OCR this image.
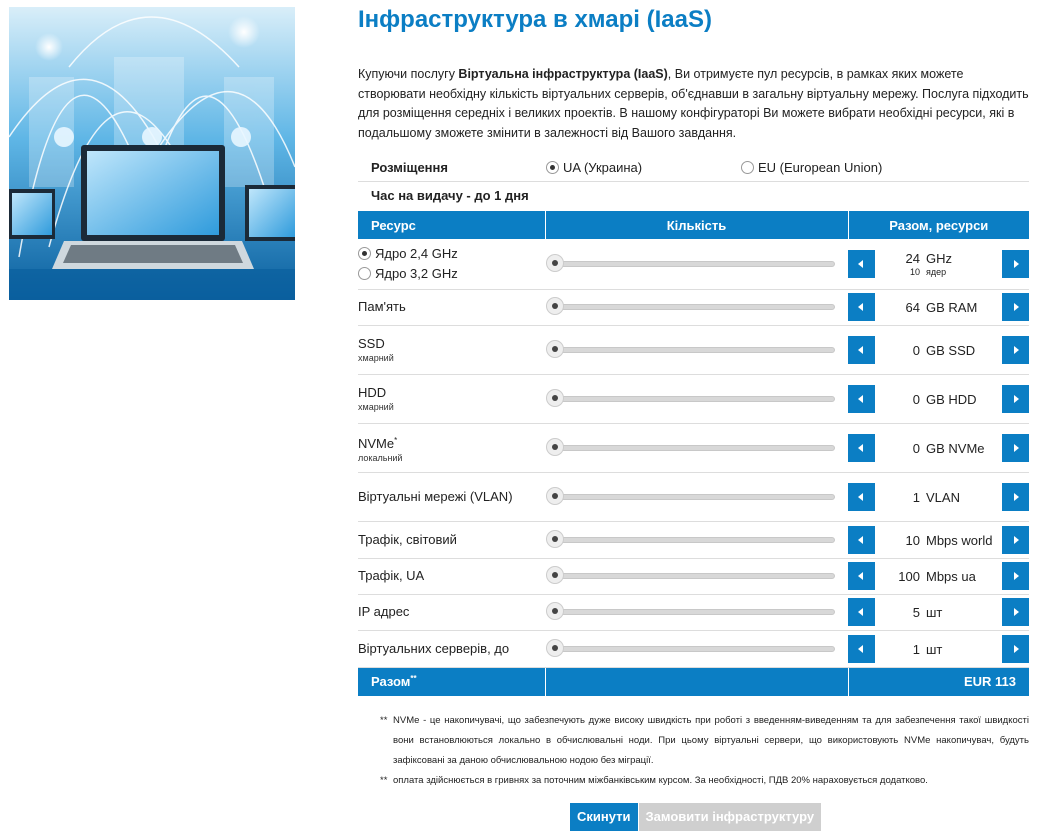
Інфраструктура в хмарі (IaaS)
Купуючи послугу Віртуальна інфраструктура (IaaS), Ви отримуєте пул ресурсів, в рамках яких можете створювати необхідну кількість віртуальних серверів, об'єднавши в загальну віртуальну мережу. Послуга підходить для розміщення середніх і великих проектів. В нашому конфігураторі Ви можете вибрати необхідні ресурси, які в подальшому зможете змінити в залежності від Вашого завдання.
Розміщення	UA (Украина)	EU (European Union)
Час на видачу - до 1 дня
Ресурс	Кількість	Разом, ресурси

Ядро 2,4 GHz
Ядро 3,2 GHz		24 GHz
10 ядер

Пам'ять		64 GB RAM

SSD
хмарний		0 GB SSD

HDD
хмарний		0 GB HDD

NVMe*
локальний		0 GB NVMe

Віртуальні мережі (VLAN)		1 VLAN

Трафік, світовий		10 Mbps world

Трафік, UA		100 Mbps ua

IP адрес		5 шт

Віртуальних серверів, до		1 шт

Разом**		EUR 113
** NVMe - це накопичувачі, що забезпечують дуже високу швидкість при роботі з введенням-виведенням та для забезпечення такої швидкості вони встановлюються локально в обчислювальні ноди. При цьому віртуальні сервери, що використовують NVMe накопичувач, будуть зафіксовані за даною обчислювальною нодою без міграції.
** оплата здійснюється в гривнях за поточним міжбанківським курсом. За необхідності, ПДВ 20% нараховується додатково.
Скинути Замовити інфраструктуру
